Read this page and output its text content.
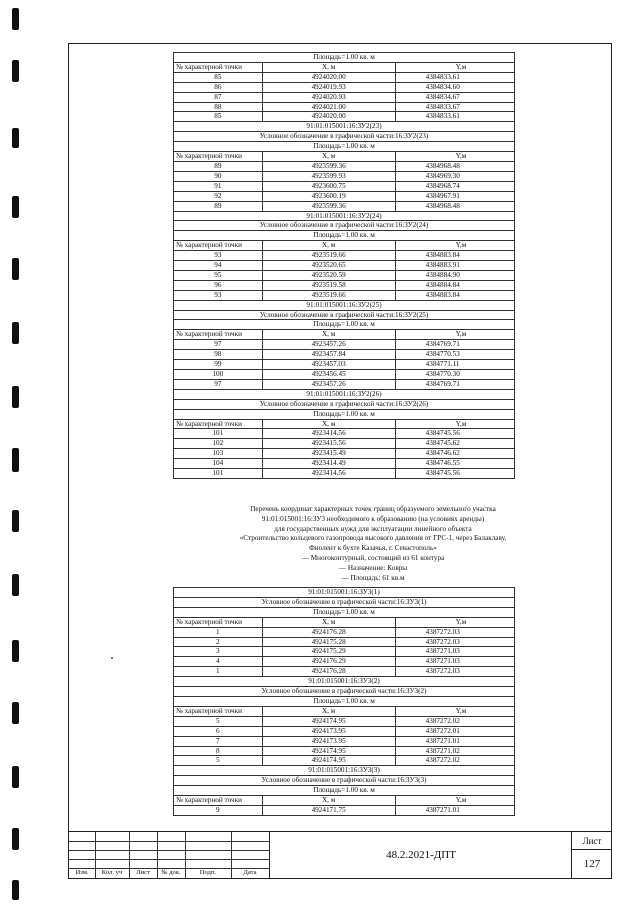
Площадь=1.00 кв. м		
№ характерной точки	X, м	Y,м
85	4924020.00	4384833.61
86	4924019.93	4384834.60
87	4924020.93	4384834.67
88	4924021.00	4384833.67
85	4924020.00	4384833.61
91:01:015001:16:ЗУ2(23)		
Условное обозначение в графической части:16:ЗУ2(23)		
Площадь=1.00 кв. м		
№ характерной точки	X, м	Y,м
89	4923599.36	4384968.48
90	4923599.93	4384969.30
91	4923600.75	4384968.74
92	4923600.19	4384967.91
89	4923599.36	4384968.48
91:01:015001:16:ЗУ2(24)		
Условное обозначение в графической части:16:ЗУ2(24)		
Площадь=1.00 кв. м		
№ характерной точки	X, м	Y,м
93	4923519.66	4384883.84
94	4923520.65	4384883.91
95	4923520.59	4384884.90
96	4923519.58	4384884.84
93	4923519.66	4384883.84
91:01:015001:16:ЗУ2(25)		
Условное обозначение в графической части:16:ЗУ2(25)		
Площадь=1.00 кв. м		
№ характерной точки	X, м	Y,м
97	4923457.26	4384769.71
98	4923457.84	4384770.53
99	4923457.03	4384771.11
100	4923456.45	4384770.30
97	4923457.26	4384769.71
91:01:015001:16:ЗУ2(26)		
Условное обозначение в графической части:16:ЗУ2(26)		
Площадь=1.00 кв. м		
№ характерной точки	X, м	Y,м
101	4923414.56	4384745.56
102	4923415.56	4384745.62
103	4923415.49	4384746.62
104	4923414.49	4384746.55
101	4923414.56	4384745.56
Перечень координат характерных точек границ образуемого земельного участка
91:01:015001:16:ЗУ3 необходимого к образованию (на условиях аренды)
для государственных нужд для эксплуатации линейного объекта
«Строительство кольцевого газопровода высокого давления от ГРС-1, через Балаклаву,
Фиолент к бухте Казачья, г. Севастополь»
— Многоконтурный, состоящий из 61 контура
— Назначение: Ковры
— Площадь: 61 кв.м
91:01:015001:16:ЗУ3(1)		
Условное обозначение в графической части:16:ЗУ3(1)		
Площадь=1.00 кв. м		
№ характерной точки	X, м	Y,м
1	4924176.28	4387272.03
2	4924175.28	4387272.03
3	4924175.29	4387271.03
4	4924176.29	4387271.03
1	4924176.28	4387272.03
91:01:015001:16:ЗУ3(2)		
Условное обозначение в графической части:16:ЗУ3(2)		
Площадь=1.00 кв. м		
№ характерной точки	X, м	Y,м
5	4924174.95	4387272.02
6	4924173.95	4387272.01
7	4924173.95	4387271.01
8	4924174.95	4387271.02
5	4924174.95	4387272.02
91:01:015001:16:ЗУ3(3)		
Условное обозначение в графической части:16:ЗУ3(3)		
Площадь=1.00 кв. м		
№ характерной точки	X, м	Y,м
9	4924171.75	4387271.01
Изм.	Кол. уч	Лист	№ док.	Подп.	Дата
48.2.2021-ДПТ
Лист
127
